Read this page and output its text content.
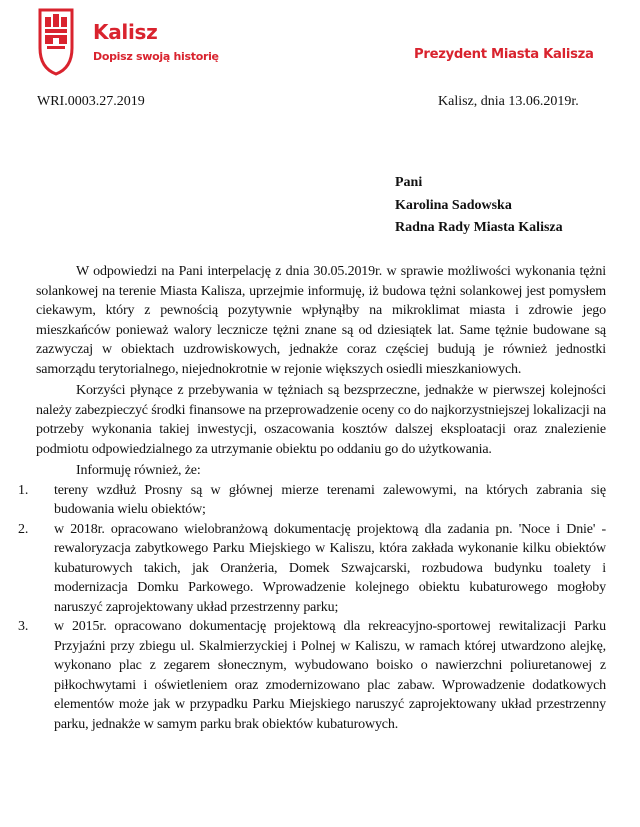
Kalisz
Dopisz swoją historię	Prezydent Miasta Kalisza
WRI.0003.27.2019	Kalisz, dnia 13.06.2019r.
Pani
Karolina Sadowska
Radna Rady Miasta Kalisza

W odpowiedzi na Pani interpelację z dnia 30.05.2019r. w sprawie możliwości wykonania tężni solankowej na terenie Miasta Kalisza, uprzejmie informuję, iż budowa tężni solankowej jest pomysłem ciekawym, który z pewnością pozytywnie wpłynąłby na mikroklimat miasta i zdrowie jego mieszkańców ponieważ walory lecznicze tężni znane są od dziesiątek lat. Same tężnie budowane są zazwyczaj w obiektach uzdrowiskowych, jednakże coraz częściej budują je również jednostki samorządu terytorialnego, niejednokrotnie w rejonie większych osiedli mieszkaniowych.

Korzyści płynące z przebywania w tężniach są bezsprzeczne, jednakże w pierwszej kolejności należy zabezpieczyć środki finansowe na przeprowadzenie oceny co do najkorzystniejszej lokalizacji na potrzeby wykonania takiej inwestycji, oszacowania kosztów dalszej eksploatacji oraz znalezienie podmiotu odpowiedzialnego za utrzymanie obiektu po oddaniu go do użytkowania.

Informuję również, że:

1.	tereny wzdłuż Prosny są w głównej mierze terenami zalewowymi, na których zabrania się budowania wielu obiektów;
2.	w 2018r. opracowano wielobranżową dokumentację projektową dla zadania pn. 'Noce i Dnie' - rewaloryzacja zabytkowego Parku Miejskiego w Kaliszu, która zakłada wykonanie kilku obiektów kubaturowych takich, jak Oranżeria, Domek Szwajcarski, rozbudowa budynku toalety i modernizacja Domku Parkowego. Wprowadzenie kolejnego obiektu kubaturowego mogłoby naruszyć zaprojektowany układ przestrzenny parku;
3.	w 2015r. opracowano dokumentację projektową dla rekreacyjno-sportowej rewitalizacji Parku Przyjaźni przy zbiegu ul. Skalmierzyckiej i Polnej w Kaliszu, w ramach której utwardzono alejkę, wykonano plac z zegarem słonecznym, wybudowano boisko o nawierzchni poliuretanowej z piłkochwytami i oświetleniem oraz zmodernizowano plac zabaw. Wprowadzenie dodatkowych elementów może jak w przypadku Parku Miejskiego naruszyć zaprojektowany układ przestrzenny parku, jednakże w samym parku brak obiektów kubaturowych.
